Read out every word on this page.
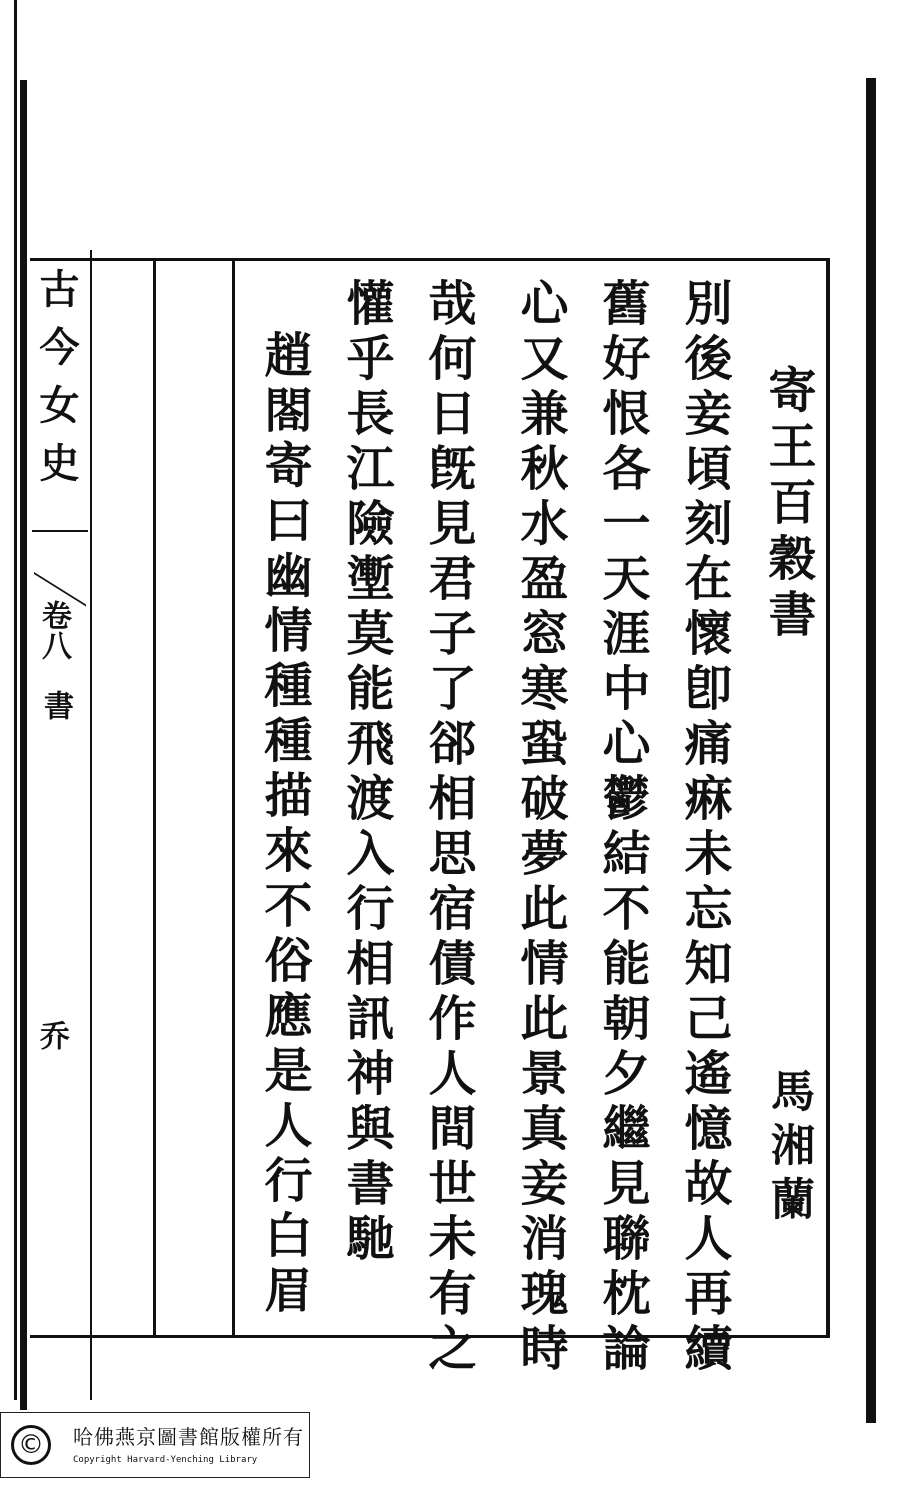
古今女史
卷八
書
乔
寄王百穀書
馬湘蘭
別後妾頃刻在懷卽痛痳未忘知己遙憶故人再續
舊好恨各一天涯中心鬱結不能朝夕繼見聯枕論
心又兼秋水盈窓寒蛩破夢此情此景真妾消瑰時
哉何日旣見君子了郤相思宿債作人間世未有之
懽乎長江險壍莫能飛渡入行相訊神與書馳
趙閤寄曰幽情種種描來不俗應是人行白眉
©	哈佛燕京圖書館版權所有
Copyright Harvard-Yenching Library
